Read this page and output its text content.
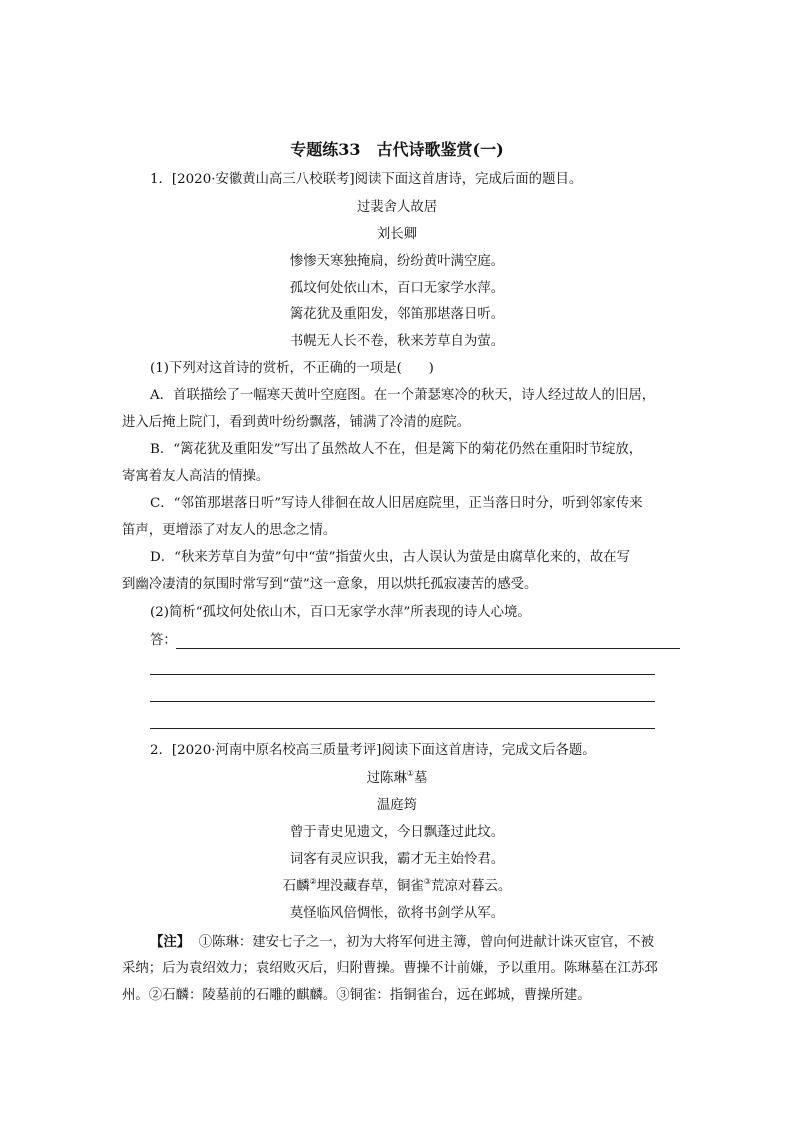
专题练33　古代诗歌鉴赏(一)
1．[2020·安徽黄山高三八校联考]阅读下面这首唐诗，完成后面的题目。
过裴舍人故居
刘长卿
惨惨天寒独掩扃，纷纷黄叶满空庭。
孤坟何处依山木，百口无家学水萍。
篱花犹及重阳发，邻笛那堪落日听。
书幌无人长不卷，秋来芳草自为萤。
(1)下列对这首诗的赏析，不正确的一项是(　　)
A．首联描绘了一幅寒天黄叶空庭图。在一个萧瑟寒冷的秋天，诗人经过故人的旧居，
进入后掩上院门，看到黄叶纷纷飘落，铺满了冷清的庭院。
B．“篱花犹及重阳发”写出了虽然故人不在，但是篱下的菊花仍然在重阳时节绽放，
寄寓着友人高洁的情操。
C．“邻笛那堪落日听”写诗人徘徊在故人旧居庭院里，正当落日时分，听到邻家传来
笛声，更增添了对友人的思念之情。
D．“秋来芳草自为萤”句中“萤”指萤火虫，古人误认为萤是由腐草化来的，故在写
到幽冷凄清的氛围时常写到“萤”这一意象，用以烘托孤寂凄苦的感受。
(2)简析“孤坟何处依山木，百口无家学水萍”所表现的诗人心境。
答：
2．[2020·河南中原名校高三质量考评]阅读下面这首唐诗，完成文后各题。
过陈琳①墓
温庭筠
曾于青史见遗文，今日飘蓬过此坟。
词客有灵应识我，霸才无主始怜君。
石麟②埋没藏春草，铜雀③荒凉对暮云。
莫怪临风倍惆怅，欲将书剑学从军。
【注】 ①陈琳：建安七子之一，初为大将军何进主簿，曾向何进献计诛灭宦官，不被
采纳；后为袁绍效力；袁绍败灭后，归附曹操。曹操不计前嫌，予以重用。陈琳墓在江苏邳
州。②石麟：陵墓前的石雕的麒麟。③铜雀：指铜雀台，远在邺城，曹操所建。
